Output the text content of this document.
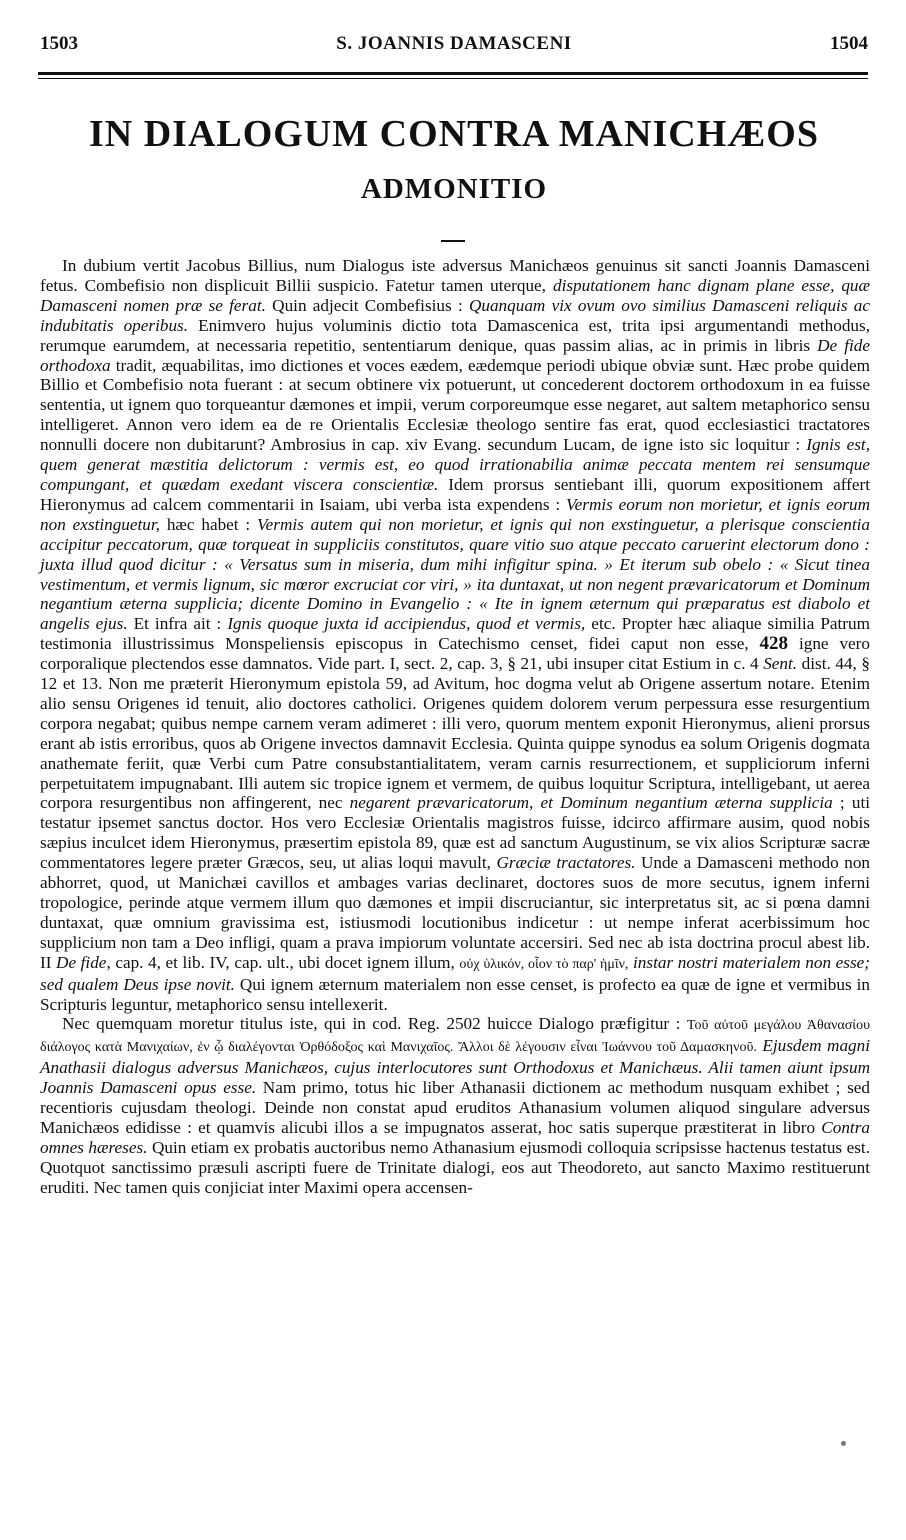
1503	S. JOANNIS DAMASCENI	1504
IN DIALOGUM CONTRA MANICHÆOS
ADMONITIO

In dubium vertit Jacobus Billius, num Dialogus iste adversus Manichæos genuinus sit sancti Joannis Damasceni fetus. Combefisio non displicuit Billii suspicio. Fatetur tamen uterque, disputationem hanc dignam plane esse, quæ Damasceni nomen præ se ferat. Quin adjecit Combefisius : Quanquam vix ovum ovo similius Damasceni reliquis ac indubitatis operibus. Enimvero hujus voluminis dictio tota Damascenica est, trita ipsi argumentandi methodus, rerumque earumdem, at necessaria repetitio, sententiarum denique, quas passim alias, ac in primis in libris De fide orthodoxa tradit, æquabilitas, imo dictiones et voces eædem, eædemque periodi ubique obviæ sunt. Hæc probe quidem Billio et Combefisio nota fuerant : at secum obtinere vix potuerunt, ut concederent doctorem orthodoxum in ea fuisse sententia, ut ignem quo torqueantur dæmones et impii, verum corporeumque esse negaret, aut saltem metaphorico sensu intelligeret. Annon vero idem ea de re Orientalis Ecclesiæ theologo sentire fas erat, quod ecclesiastici tractatores nonnulli docere non dubitarunt? Ambrosius in cap. xiv Evang. secundum Lucam, de igne isto sic loquitur : Ignis est, quem generat mæstitia delictorum : vermis est, eo quod irrationabilia animæ peccata mentem rei sensumque compungant, et quædam exedant viscera conscientiæ. Idem prorsus sentiebant illi, quorum expositionem affert Hieronymus ad calcem commentarii in Isaiam, ubi verba ista expendens : Vermis eorum non morietur, et ignis eorum non exstinguetur, hæc habet : Vermis autem qui non morietur, et ignis qui non exstinguetur, a plerisque conscientia accipitur peccatorum, quæ torqueat in suppliciis constitutos, quare vitio suo atque peccato caruerint electorum dono : juxta illud quod dicitur : « Versatus sum in miseria, dum mihi infigitur spina. » Et iterum sub obelo : « Sicut tinea vestimentum, et vermis lignum, sic mœror excruciat cor viri, » ita duntaxat, ut non negent prævaricatorum et Dominum negantium æterna supplicia; dicente Domino in Evangelio : « Ite in ignem æternum qui præparatus est diabolo et angelis ejus. Et infra ait : Ignis quoque juxta id accipiendus, quod et vermis, etc. Propter hæc aliaque similia Patrum testimonia illustrissimus Monspeliensis episcopus in Catechismo censet, fidei caput non esse, 428 igne vero corporalique plectendos esse damnatos. Vide part. I, sect. 2, cap. 3, § 21, ubi insuper citat Estium in c. 4 Sent. dist. 44, § 12 et 13. Non me præterit Hieronymum epistola 59, ad Avitum, hoc dogma velut ab Origene assertum notare. Etenim alio sensu Origenes id tenuit, alio doctores catholici. Origenes quidem dolorem verum perpessura esse resurgentium corpora negabat; quibus nempe carnem veram adimeret : illi vero, quorum mentem exponit Hieronymus, alieni prorsus erant ab istis erroribus, quos ab Origene invectos damnavit Ecclesia. Quinta quippe synodus ea solum Origenis dogmata anathemate feriit, quæ Verbi cum Patre consubstantialitatem, veram carnis resurrectionem, et suppliciorum inferni perpetuitatem impugnabant. Illi autem sic tropice ignem et vermem, de quibus loquitur Scriptura, intelligebant, ut aerea corpora resurgentibus non affingerent, nec negarent prævaricatorum, et Dominum negantium æterna supplicia ; uti testatur ipsemet sanctus doctor. Hos vero Ecclesiæ Orientalis magistros fuisse, idcirco affirmare ausim, quod nobis sæpius inculcet idem Hieronymus, præsertim epistola 89, quæ est ad sanctum Augustinum, se vix alios Scripturæ sacræ commentatores legere præter Græcos, seu, ut alias loqui mavult, Græciæ tractatores. Unde a Damasceni methodo non abhorret, quod, ut Manichæi cavillos et ambages varias declinaret, doctores suos de more secutus, ignem inferni tropologice, perinde atque vermem illum quo dæmones et impii discruciantur, sic interpretatus sit, ac si pœna damni duntaxat, quæ omnium gravissima est, istiusmodi locutionibus indicetur : ut nempe inferat acerbissimum hoc supplicium non tam a Deo infligi, quam a prava impiorum voluntate accersiri. Sed nec ab ista doctrina procul abest lib. II De fide, cap. 4, et lib. IV, cap. ult., ubi docet ignem illum, οὐχ ὑλικόν, οἷον τὸ παρ' ἡμῖν, instar nostri materialem non esse; sed qualem Deus ipse novit. Qui ignem æternum materialem non esse censet, is profecto ea quæ de igne et vermibus in Scripturis leguntur, metaphorico sensu intellexerit.

Nec quemquam moretur titulus iste, qui in cod. Reg. 2502 huicce Dialogo præfigitur : Τοῦ αὐτοῦ μεγάλου Ἀθανασίου διάλογος κατὰ Μανιχαίων, ἐν ᾧ διαλέγονται Ὀρθόδοξος καὶ Μανιχαῖος. Ἄλλοι δὲ λέγουσιν εἶναι Ἰωάννου τοῦ Δαμασκηνοῦ. Ejusdem magni Anathasii dialogus adversus Manichæos, cujus interlocutores sunt Orthodoxus et Manichæus. Alii tamen aiunt ipsum Joannis Damasceni opus esse. Nam primo, totus hic liber Athanasii dictionem ac methodum nusquam exhibet ; sed recentioris cujusdam theologi. Deinde non constat apud eruditos Athanasium volumen aliquod singulare adversus Manichæos edidisse : et quamvis alicubi illos a se impugnatos asserat, hoc satis superque præstiterat in libro Contra omnes hæreses. Quin etiam ex probatis auctoribus nemo Athanasium ejusmodi colloquia scripsisse hactenus testatus est. Quotquot sanctissimo præsuli ascripti fuere de Trinitate dialogi, eos aut Theodoreto, aut sancto Maximo restituerunt eruditi. Nec tamen quis conjiciat inter Maximi opera accensen-
